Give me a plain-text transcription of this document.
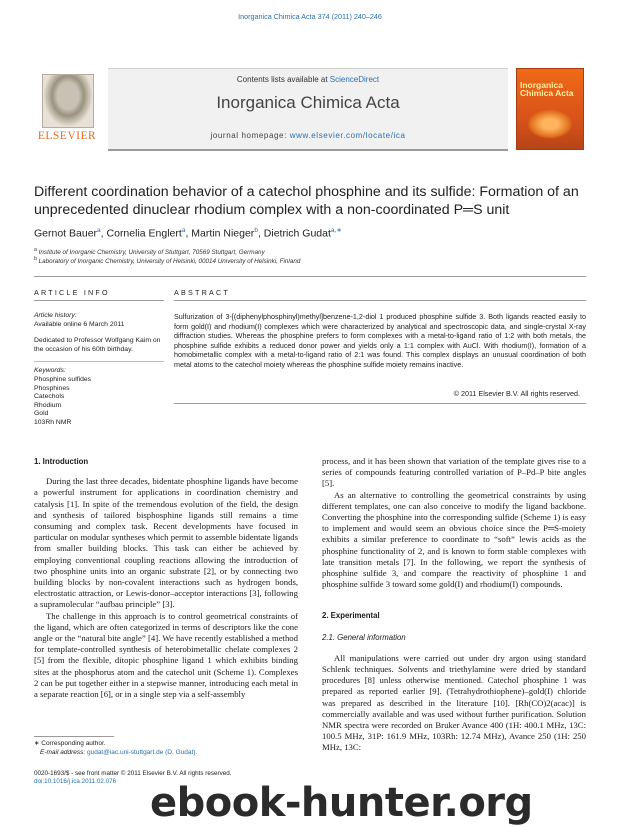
Inorganica Chimica Acta 374 (2011) 240–246
ELSEVIER
Contents lists available at ScienceDirect
Inorganica Chimica Acta
journal homepage: www.elsevier.com/locate/ica
Inorganica Chimica Acta
Different coordination behavior of a catechol phosphine and its sulfide: Formation of an unprecedented dinuclear rhodium complex with a non-coordinated P═S unit
Gernot Bauer$^a$, Cornelia Englert$^a$, Martin Nieger$^b$, Dietrich Gudat$^{a,∗}$
$^a$ Institute of Inorganic Chemistry, University of Stuttgart, 70569 Stuttgart, Germany
$^b$ Laboratory of Inorganic Chemistry, University of Helsinki, 00014 University of Helsinki, Finland
ARTICLE INFO	ABSTRACT
Article history:
Available online 6 March 2011
Dedicated to Professor Wolfgang Kaim on
the occasion of his 60th birthday.
Keywords:
Phosphine sulfides
Phosphines
Catechols
Rhodium
Gold
103Rh NMR
Sulfurization of 3-[(diphenylphosphinyl)methyl]benzene-1,2-diol 1 produced phosphine sulfide 3. Both ligands reacted easily to form gold(I) and rhodium(I) complexes which were characterized by analytical and spectroscopic data, and single-crystal X-ray diffraction studies. Whereas the phosphine prefers to form complexes with a metal-to-ligand ratio of 1:2 with both metals, the phosphine sulfide exhibits a reduced donor power and yields only a 1:1 complex with AuCl. With rhodium(I), formation of a homobimetallic complex with a metal-to-ligand ratio of 2:1 was found. This complex displays an unusual coordination of both metal atoms to the catechol moiety whereas the phosphine sulfide moiety remains inactive.
© 2011 Elsevier B.V. All rights reserved.
1. Introduction

During the last three decades, bidentate phosphine ligands have become a powerful instrument for applications in coordination chemistry and catalysis [1]. In spite of the tremendous evolution of the field, the design and synthesis of tailored bisphosphine ligands still remains a time consuming and complex task. Recent developments have focused in particular on modular syntheses which permit to assemble bidentate ligands from smaller building blocks. This task can either be achieved by employing conventional coupling reactions allowing the introduction of two phosphine units into an organic substrate [2], or by connecting two building blocks by non-covalent interactions such as hydrogen bonds, electrostatic attraction, or Lewis-donor–acceptor interactions [3], following a supramolecular “aufbau principle” [3].

The challenge in this approach is to control geometrical constraints of the ligand, which are often categorized in terms of descriptors like the cone angle or the “natural bite angle” [4]. We have recently established a method for template-controlled synthesis of heterobimetallic chelate complexes 2 [5] from the flexible, ditopic phosphine ligand 1 which exhibits binding sites at the phosphorus atom and the catechol unit (Scheme 1). Complexes 2 can be put together either in a stepwise manner, introducing each metal in a separate reaction [6], or in a single step via a self-assembly

process, and it has been shown that variation of the template gives rise to a series of compounds featuring controlled variation of P–Pd–P bite angles [5].

As an alternative to controlling the geometrical constraints by using different templates, one can also conceive to modify the ligand backbone. Converting the phosphine into the corresponding sulfide (Scheme 1) is easy to implement and would seem an obvious choice since the P═S-moiety exhibits a similar preference to coordinate to “soft” lewis acids as the phosphine functionality of 2, and is known to form stable complexes with late transition metals [7]. In the following, we report the synthesis of phosphine sulfide 3, and compare the reactivity of phosphine 1 and phosphine sulfide 3 toward some gold(I) and rhodium(I) compounds.

2. Experimental
2.1. General information

All manipulations were carried out under dry argon using standard Schlenk techniques. Solvents and triethylamine were dried by standard procedures [8] unless otherwise mentioned. Catechol phosphine 1 was prepared as reported earlier [9]. (Tetrahydrothiophene)–gold(I) chloride was prepared as described in the literature [10]. [Rh(CO)2(acac)] is commercially available and was used without further purification. Solution NMR spectra were recorded on Bruker Avance 400 (1H: 400.1 MHz, 13C: 100.5 MHz, 31P: 161.9 MHz, 103Rh: 12.74 MHz), Avance 250 (1H: 250 MHz, 13C:

∗ Corresponding author.
E-mail address: gudat@iac.uni-stuttgart.de (D. Gudat).
0020-1693/$ - see front matter © 2011 Elsevier B.V. All rights reserved.
doi:10.1016/j.ica.2011.02.076 ebook-hunter.org
